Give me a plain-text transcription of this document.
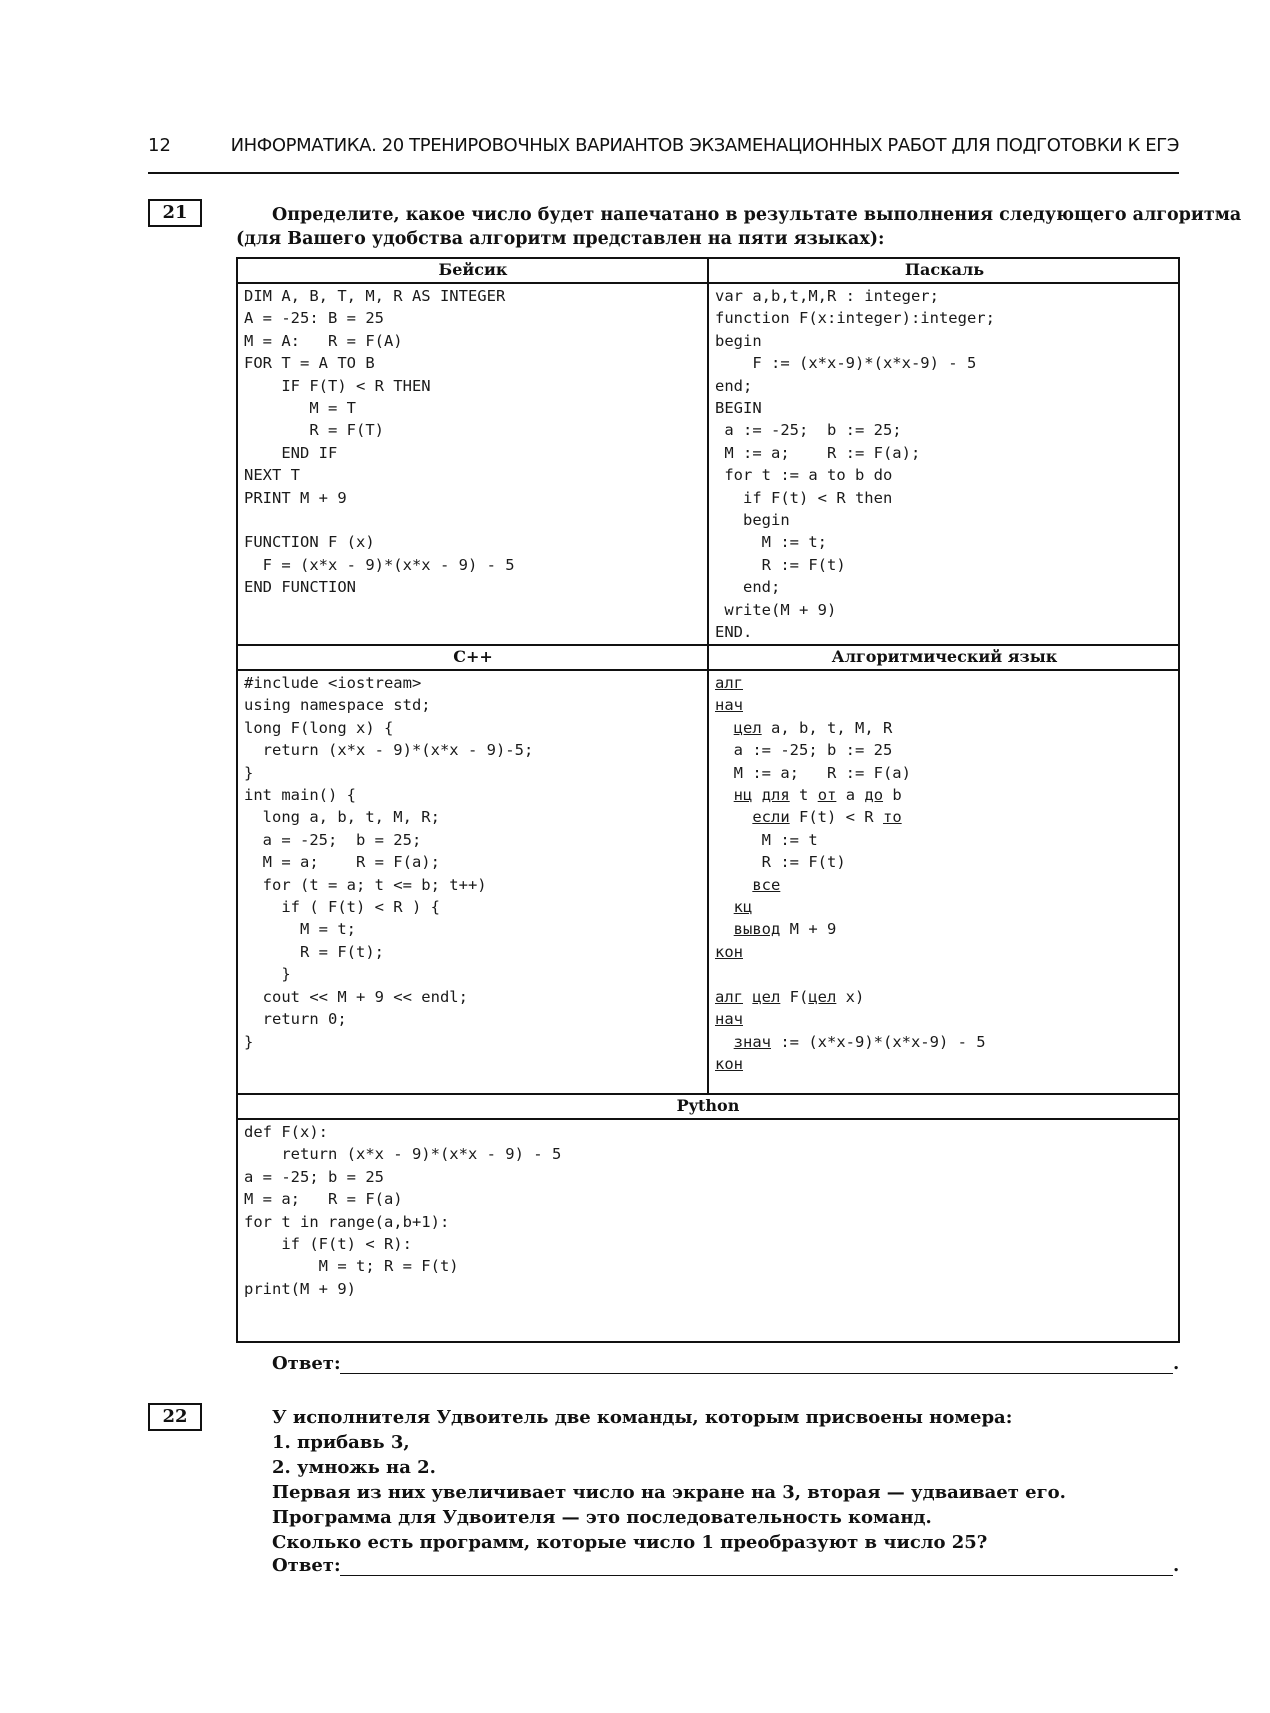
12	ИНФОРМАТИКА. 20 ТРЕНИРОВОЧНЫХ ВАРИАНТОВ ЭКЗАМЕНАЦИОННЫХ РАБОТ ДЛЯ ПОДГОТОВКИ К ЕГЭ
21	Определите, какое число будет напечатано в результате выполнения следующего алгоритма
(для Вашего удобства алгоритм представлен на пяти языках):
Бейсик
DIM A, B, T, M, R AS INTEGER
A = -25: B = 25
M = A:   R = F(A)
FOR T = A TO B
IF F(T) < R THEN
M = T
R = F(T)
END IF
NEXT T
PRINT M + 9

FUNCTION F (x)
F = (x*x - 9)*(x*x - 9) - 5
END FUNCTION

Паскаль
var a,b,t,M,R : integer;
function F(x:integer):integer;
begin
F := (x*x-9)*(x*x-9) - 5
end;
BEGIN
a := -25;  b := 25;
M := a;    R := F(a);
for t := a to b do
if F(t) < R then
begin
M := t;
R := F(t)
end;
write(M + 9)
END.

С++
#include <iostream>
using namespace std;
long F(long x) {
return (x*x - 9)*(x*x - 9)-5;
}
int main() {
long a, b, t, M, R;
a = -25;  b = 25;
M = a;    R = F(a);
for (t = a; t <= b; t++)
if ( F(t) < R ) {
M = t;
R = F(t);
}
cout << M + 9 << endl;
return 0;
}

Алгоритмический язык
алг
нач
цел a, b, t, M, R
a := -25; b := 25
M := a;   R := F(a)
нц для t от a до b
если F(t) < R то
M := t
R := F(t)
все
кц
вывод M + 9
кон

алг цел F(цел x)
нач
знач := (x*x-9)*(x*x-9) - 5
кон
Python
def F(x):
return (x*x - 9)*(x*x - 9) - 5
a = -25; b = 25
M = a;   R = F(a)
for t in range(a,b+1):
if (F(t) < R):
M = t; R = F(t)
print(M + 9)

Ответ:	.
22	У исполнителя Удвоитель две команды, которым присвоены номера:
1. прибавь 3,
2. умножь на 2.
Первая из них увеличивает число на экране на 3, вторая — удваивает его.
Программа для Удвоителя — это последовательность команд.
Сколько есть программ, которые число 1 преобразуют в число 25?
Ответ:	.
